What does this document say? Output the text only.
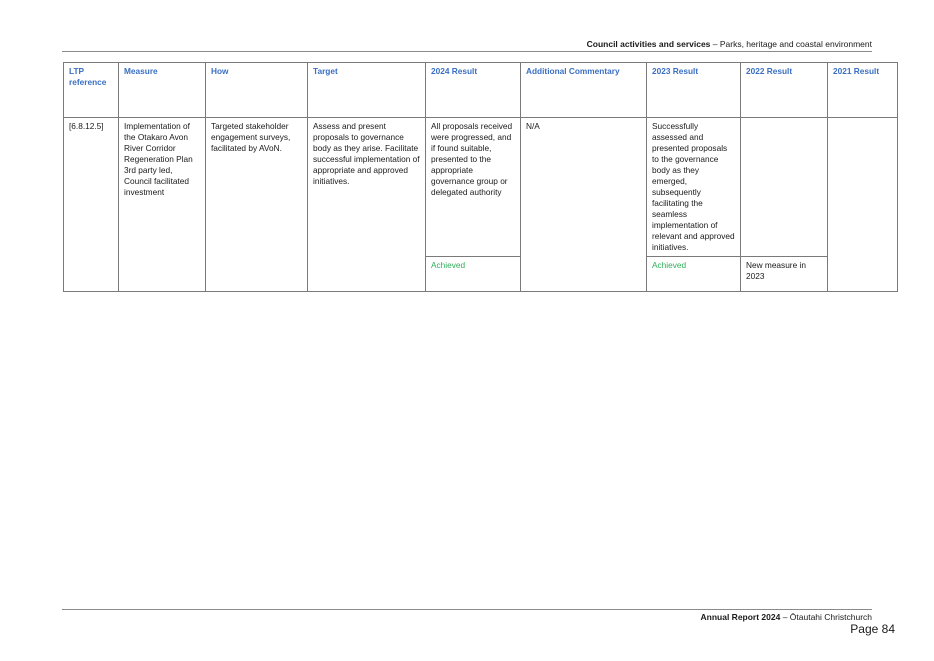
Council activities and services – Parks, heritage and coastal environment
LTP reference	Measure	How	Target	2024 Result	Additional Commentary	2023 Result	2022 Result	2021 Result
[6.8.12.5]	Implementation of the Otakaro Avon River Corridor Regeneration Plan 3rd party led, Council facilitated investment	Targeted stakeholder engagement surveys, facilitated by AVoN.	Assess and present proposals to governance body as they arise. Facilitate successful implementation of appropriate and approved initiatives.	All proposals received were progressed, and if found suitable, presented to the appropriate governance group or delegated authority	N/A	Successfully assessed and presented proposals to the governance body as they emerged, subsequently facilitating the seamless implementation of relevant and approved initiatives.		
				Achieved		Achieved	New measure in 2023	
Annual Report 2024 – Ōtautahi Christchurch
Page 84
